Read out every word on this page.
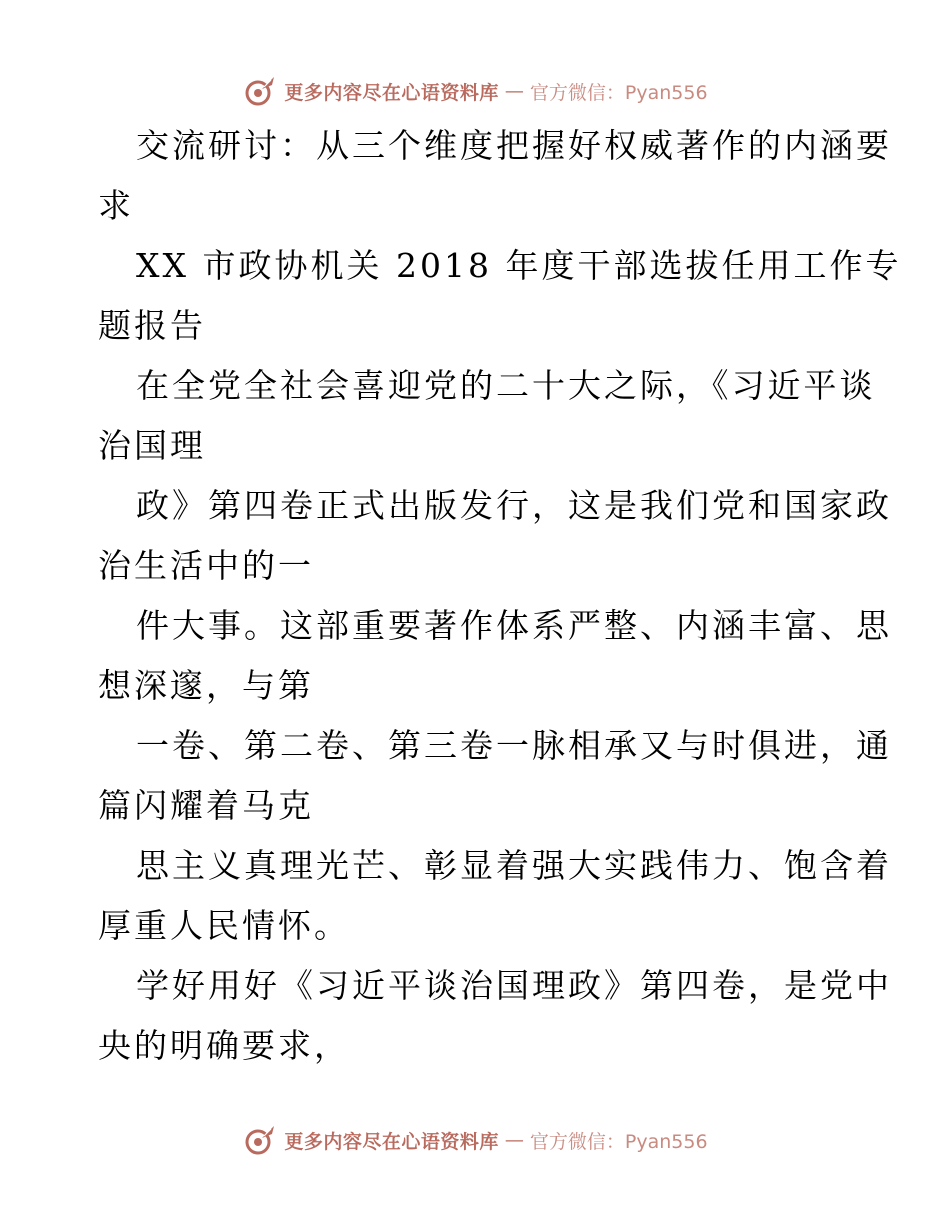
更多内容尽在心语资料库 — 官方微信：Pyan556

交流研讨：从三个维度把握好权威著作的内涵要
求

XX 市政协机关 2018 年度干部选拔任用工作专
题报告

在全党全社会喜迎党的二十大之际，《习近平谈
治国理

政》第四卷正式出版发行，这是我们党和国家政
治生活中的一

件大事。这部重要著作体系严整、内涵丰富、思
想深邃，与第

一卷、第二卷、第三卷一脉相承又与时俱进，通
篇闪耀着马克

思主义真理光芒、彰显着强大实践伟力、饱含着
厚重人民情怀。

学好用好《习近平谈治国理政》第四卷，是党中
央的明确要求，

更多内容尽在心语资料库 — 官方微信：Pyan556
